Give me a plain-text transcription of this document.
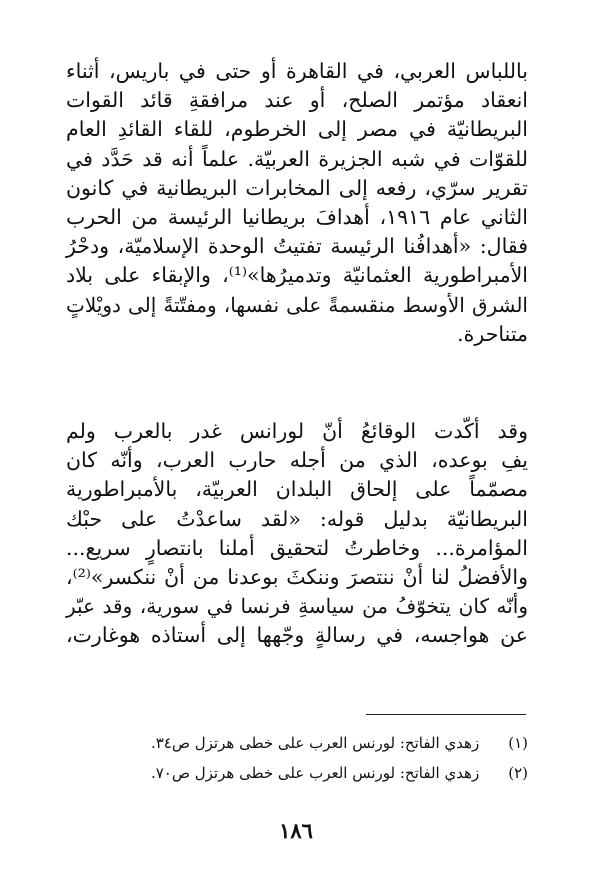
باللباس العربي، في القاهرة أو حتى في باريس، أثناء
انعقاد مؤتمر الصلح، أو عند مرافقةِ قائد القوات
البريطانيّة في مصر إلى الخرطوم، للقاء القائدِ العام
للقوّات في شبه الجزيرة العربيّة. علماً أنه قد حَدَّد في
تقرير سرّي، رفعه إلى المخابرات البريطانية في كانون
الثاني عام ١٩١٦، أهدافَ بريطانيا الرئيسة من الحرب
فقال: «أهدافُنا الرئيسة تفتيتُ الوحدة الإسلاميّة، ودحْرُ
الأمبراطورية العثمانيّة وتدميرُها»⁽¹⁾، والإبقاء على بلاد
الشرق الأوسط منقسمةً على نفسها، ومفتّتةً إلى دويْلاتٍ
متناحرة.
وقد أكّدت الوقائعُ أنّ لورانس غدر بالعرب ولم
يفِ بوعده، الذي من أجله حارب العرب، وأنّه كان
مصمّماً على إلحاق البلدان العربيّة، بالأمبراطورية
البريطانيّة بدليل قوله: «لقد ساعدْتُ على حبْك
المؤامرة... وخاطرتُ لتحقيق أملنا بانتصارٍ سريع...
والأفضلُ لنا أنْ ننتصرَ وننكثَ بوعدنا من أنْ ننكسر»⁽²⁾،
وأنّه كان يتخوّفُ من سياسةِ فرنسا في سورية، وقد عبّر
عن هواجسه، في رسالةٍ وجّهها إلى أستاذه هوغارت،
(١) زهدي الفاتح: لورنس العرب على خطى هرتزل ص٣٤.
(٢) زهدي الفاتح: لورنس العرب على خطى هرتزل ص٧٠.
١٨٦
